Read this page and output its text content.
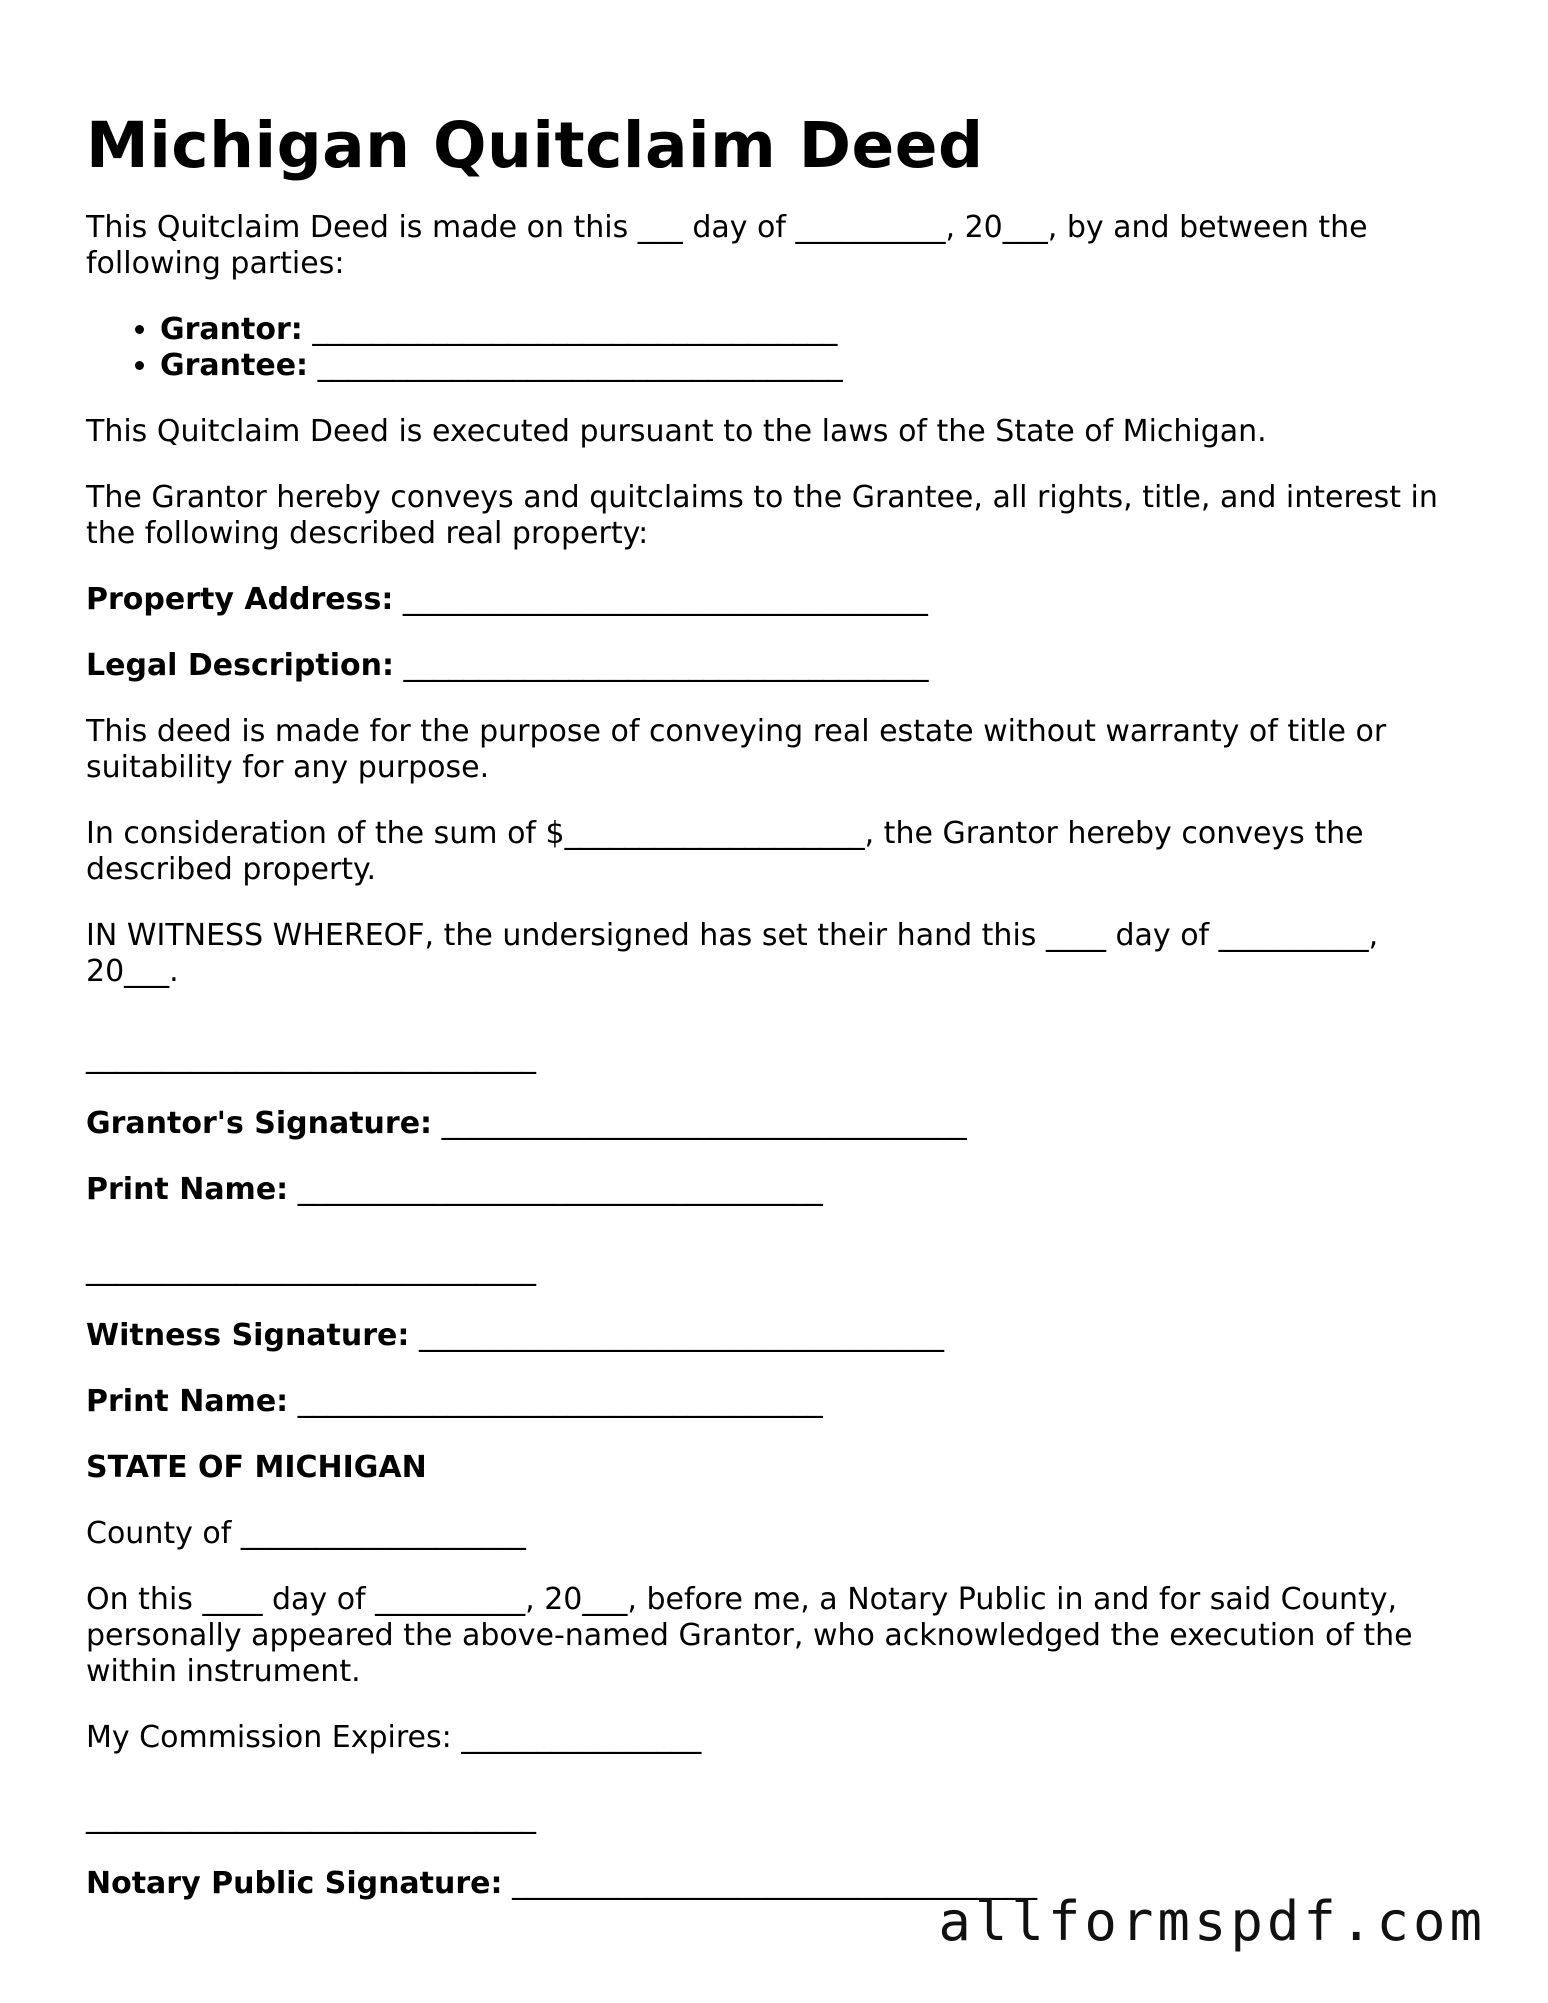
Michigan Quitclaim Deed

This Quitclaim Deed is made on this ___ day of __________, 20___, by and between the following parties:

• Grantor: ___________________________________
• Grantee: ___________________________________

This Quitclaim Deed is executed pursuant to the laws of the State of Michigan.

The Grantor hereby conveys and quitclaims to the Grantee, all rights, title, and interest in the following described real property:

Property Address: ___________________________________

Legal Description: ___________________________________

This deed is made for the purpose of conveying real estate without warranty of title or suitability for any purpose.

In consideration of the sum of $____________________, the Grantor hereby conveys the described property.

IN WITNESS WHEREOF, the undersigned has set their hand this ____ day of __________, 20___.

______________________________

Grantor's Signature: ___________________________________

Print Name: ___________________________________

______________________________

Witness Signature: ___________________________________

Print Name: ___________________________________

STATE OF MICHIGAN

County of ___________________

On this ____ day of __________, 20___, before me, a Notary Public in and for said County, personally appeared the above-named Grantor, who acknowledged the execution of the within instrument.

My Commission Expires: ________________

______________________________

Notary Public Signature: ___________________________________

allformspdf.com
